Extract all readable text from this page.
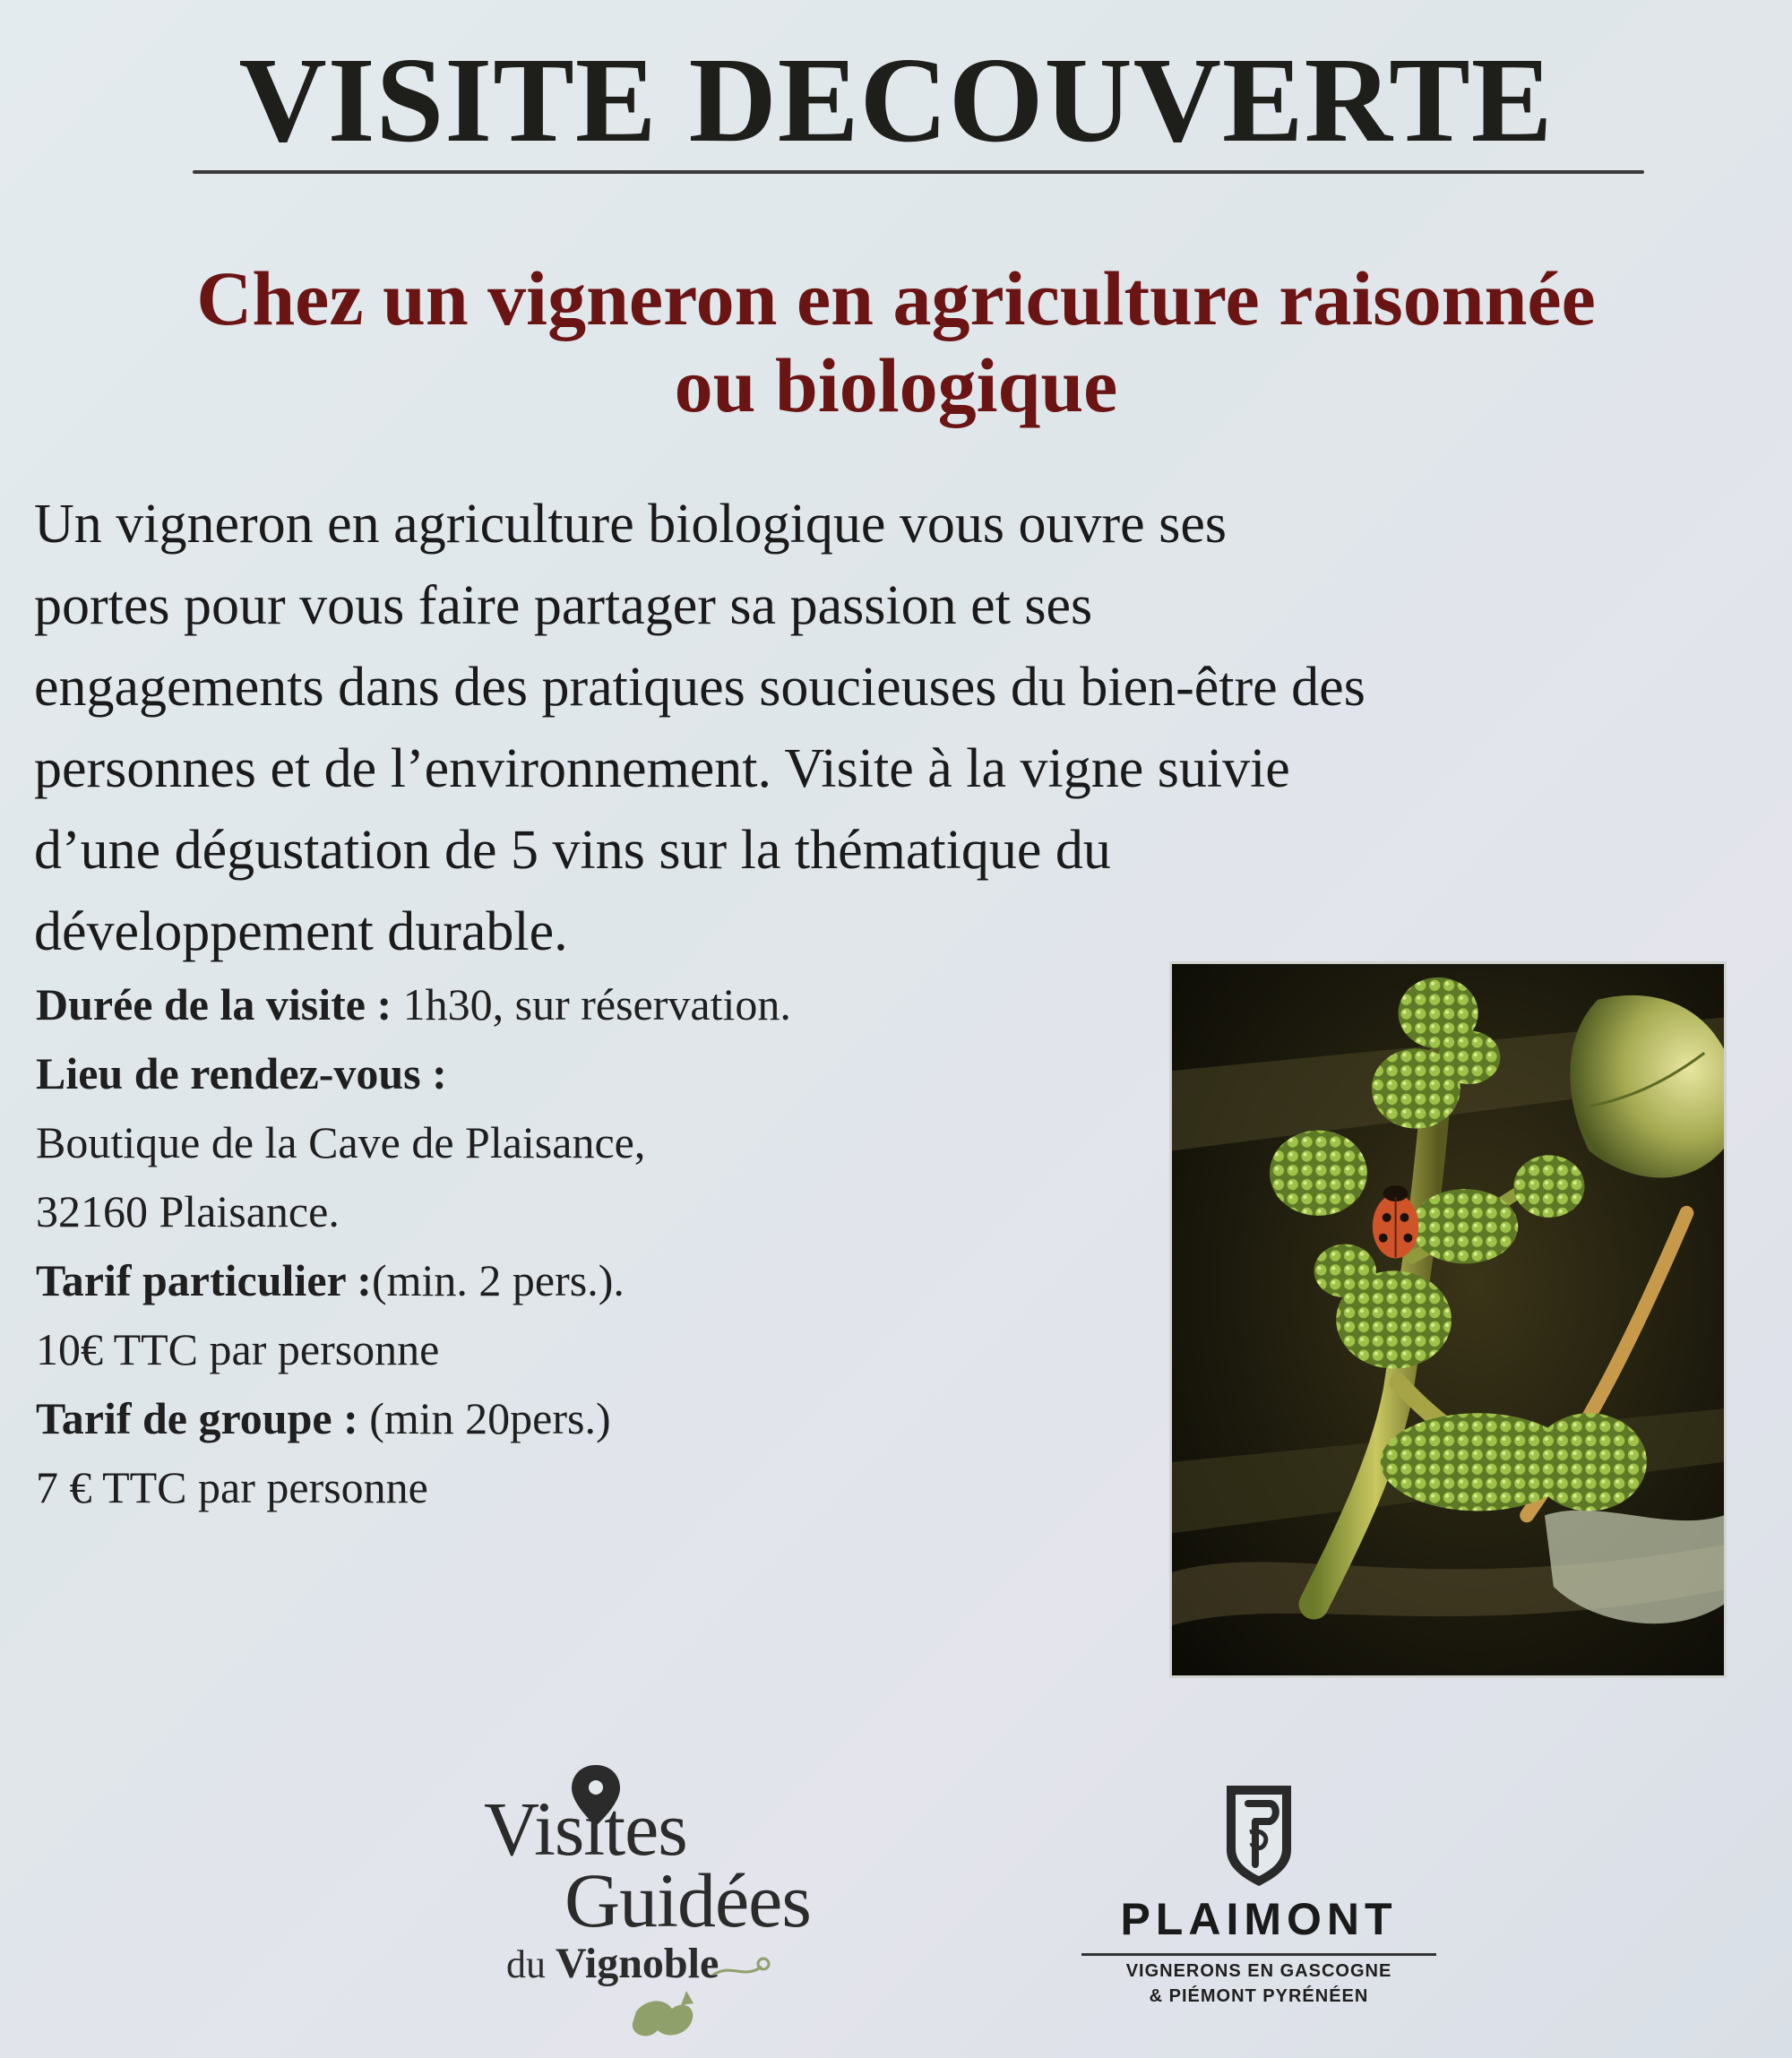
VISITE DECOUVERTE
Chez un vigneron en agriculture raisonnée
ou biologique

Un vigneron en agriculture biologique vous ouvre ses
portes pour vous faire partager sa passion et ses
engagements dans des pratiques soucieuses du bien-être des
personnes et de l’environnement. Visite à la vigne suivie
d’une dégustation de 5 vins sur la thématique du
développement durable.

Durée de la visite : 1h30, sur réservation.

Lieu de rendez-vous :

Boutique de la Cave de Plaisance,

32160 Plaisance.

Tarif particulier :(min. 2 pers.).

10€ TTC par personne

Tarif de groupe : (min 20pers.)

7 € TTC par personne

Visites
Guidées
du Vignoble
PLAIMONT
VIGNERONS EN GASCOGNE
& PIÉMONT PYRÉNÉEN
